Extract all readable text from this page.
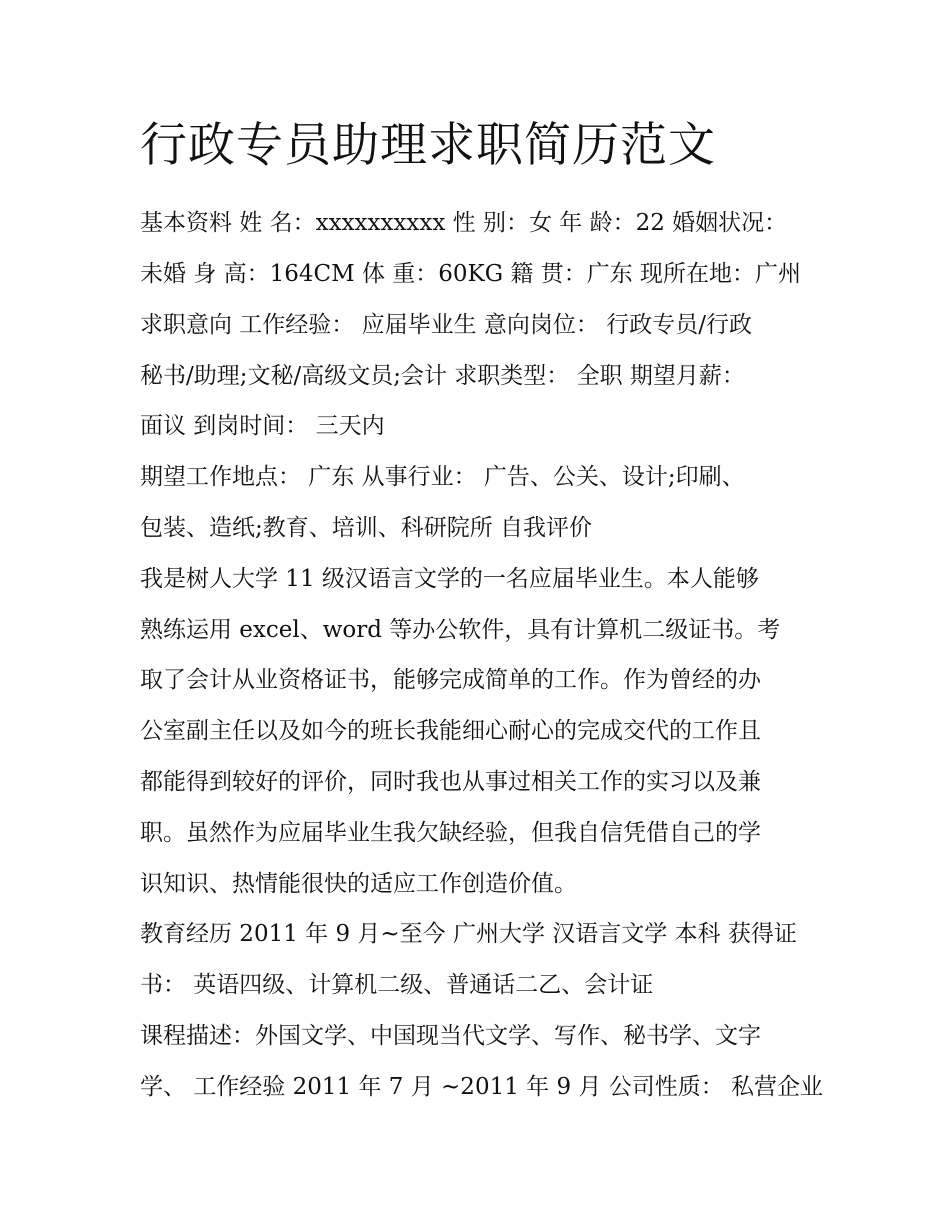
行政专员助理求职简历范文

基本资料 姓 名：xxxxxxxxxx 性 别：女 年 龄：22 婚姻状况：

未婚 身 高：164CM 体 重：60KG 籍 贯：广东 现所在地：广州

求职意向 工作经验： 应届毕业生 意向岗位： 行政专员/行政

秘书/助理;文秘/高级文员;会计 求职类型： 全职 期望月薪：

面议 到岗时间： 三天内

期望工作地点： 广东 从事行业： 广告、公关、设计;印刷、

包装、造纸;教育、培训、科研院所 自我评价

我是树人大学 11 级汉语言文学的一名应届毕业生。本人能够

熟练运用 excel、word 等办公软件，具有计算机二级证书。考

取了会计从业资格证书，能够完成简单的工作。作为曾经的办

公室副主任以及如今的班长我能细心耐心的完成交代的工作且

都能得到较好的评价，同时我也从事过相关工作的实习以及兼

职。虽然作为应届毕业生我欠缺经验，但我自信凭借自己的学

识知识、热情能很快的适应工作创造价值。

教育经历 2011 年 9 月~至今 广州大学 汉语言文学 本科 获得证

书： 英语四级、计算机二级、普通话二乙、会计证

课程描述：外国文学、中国现当代文学、写作、秘书学、文字

学、 工作经验 2011 年 7 月 ~2011 年 9 月 公司性质： 私营企业
